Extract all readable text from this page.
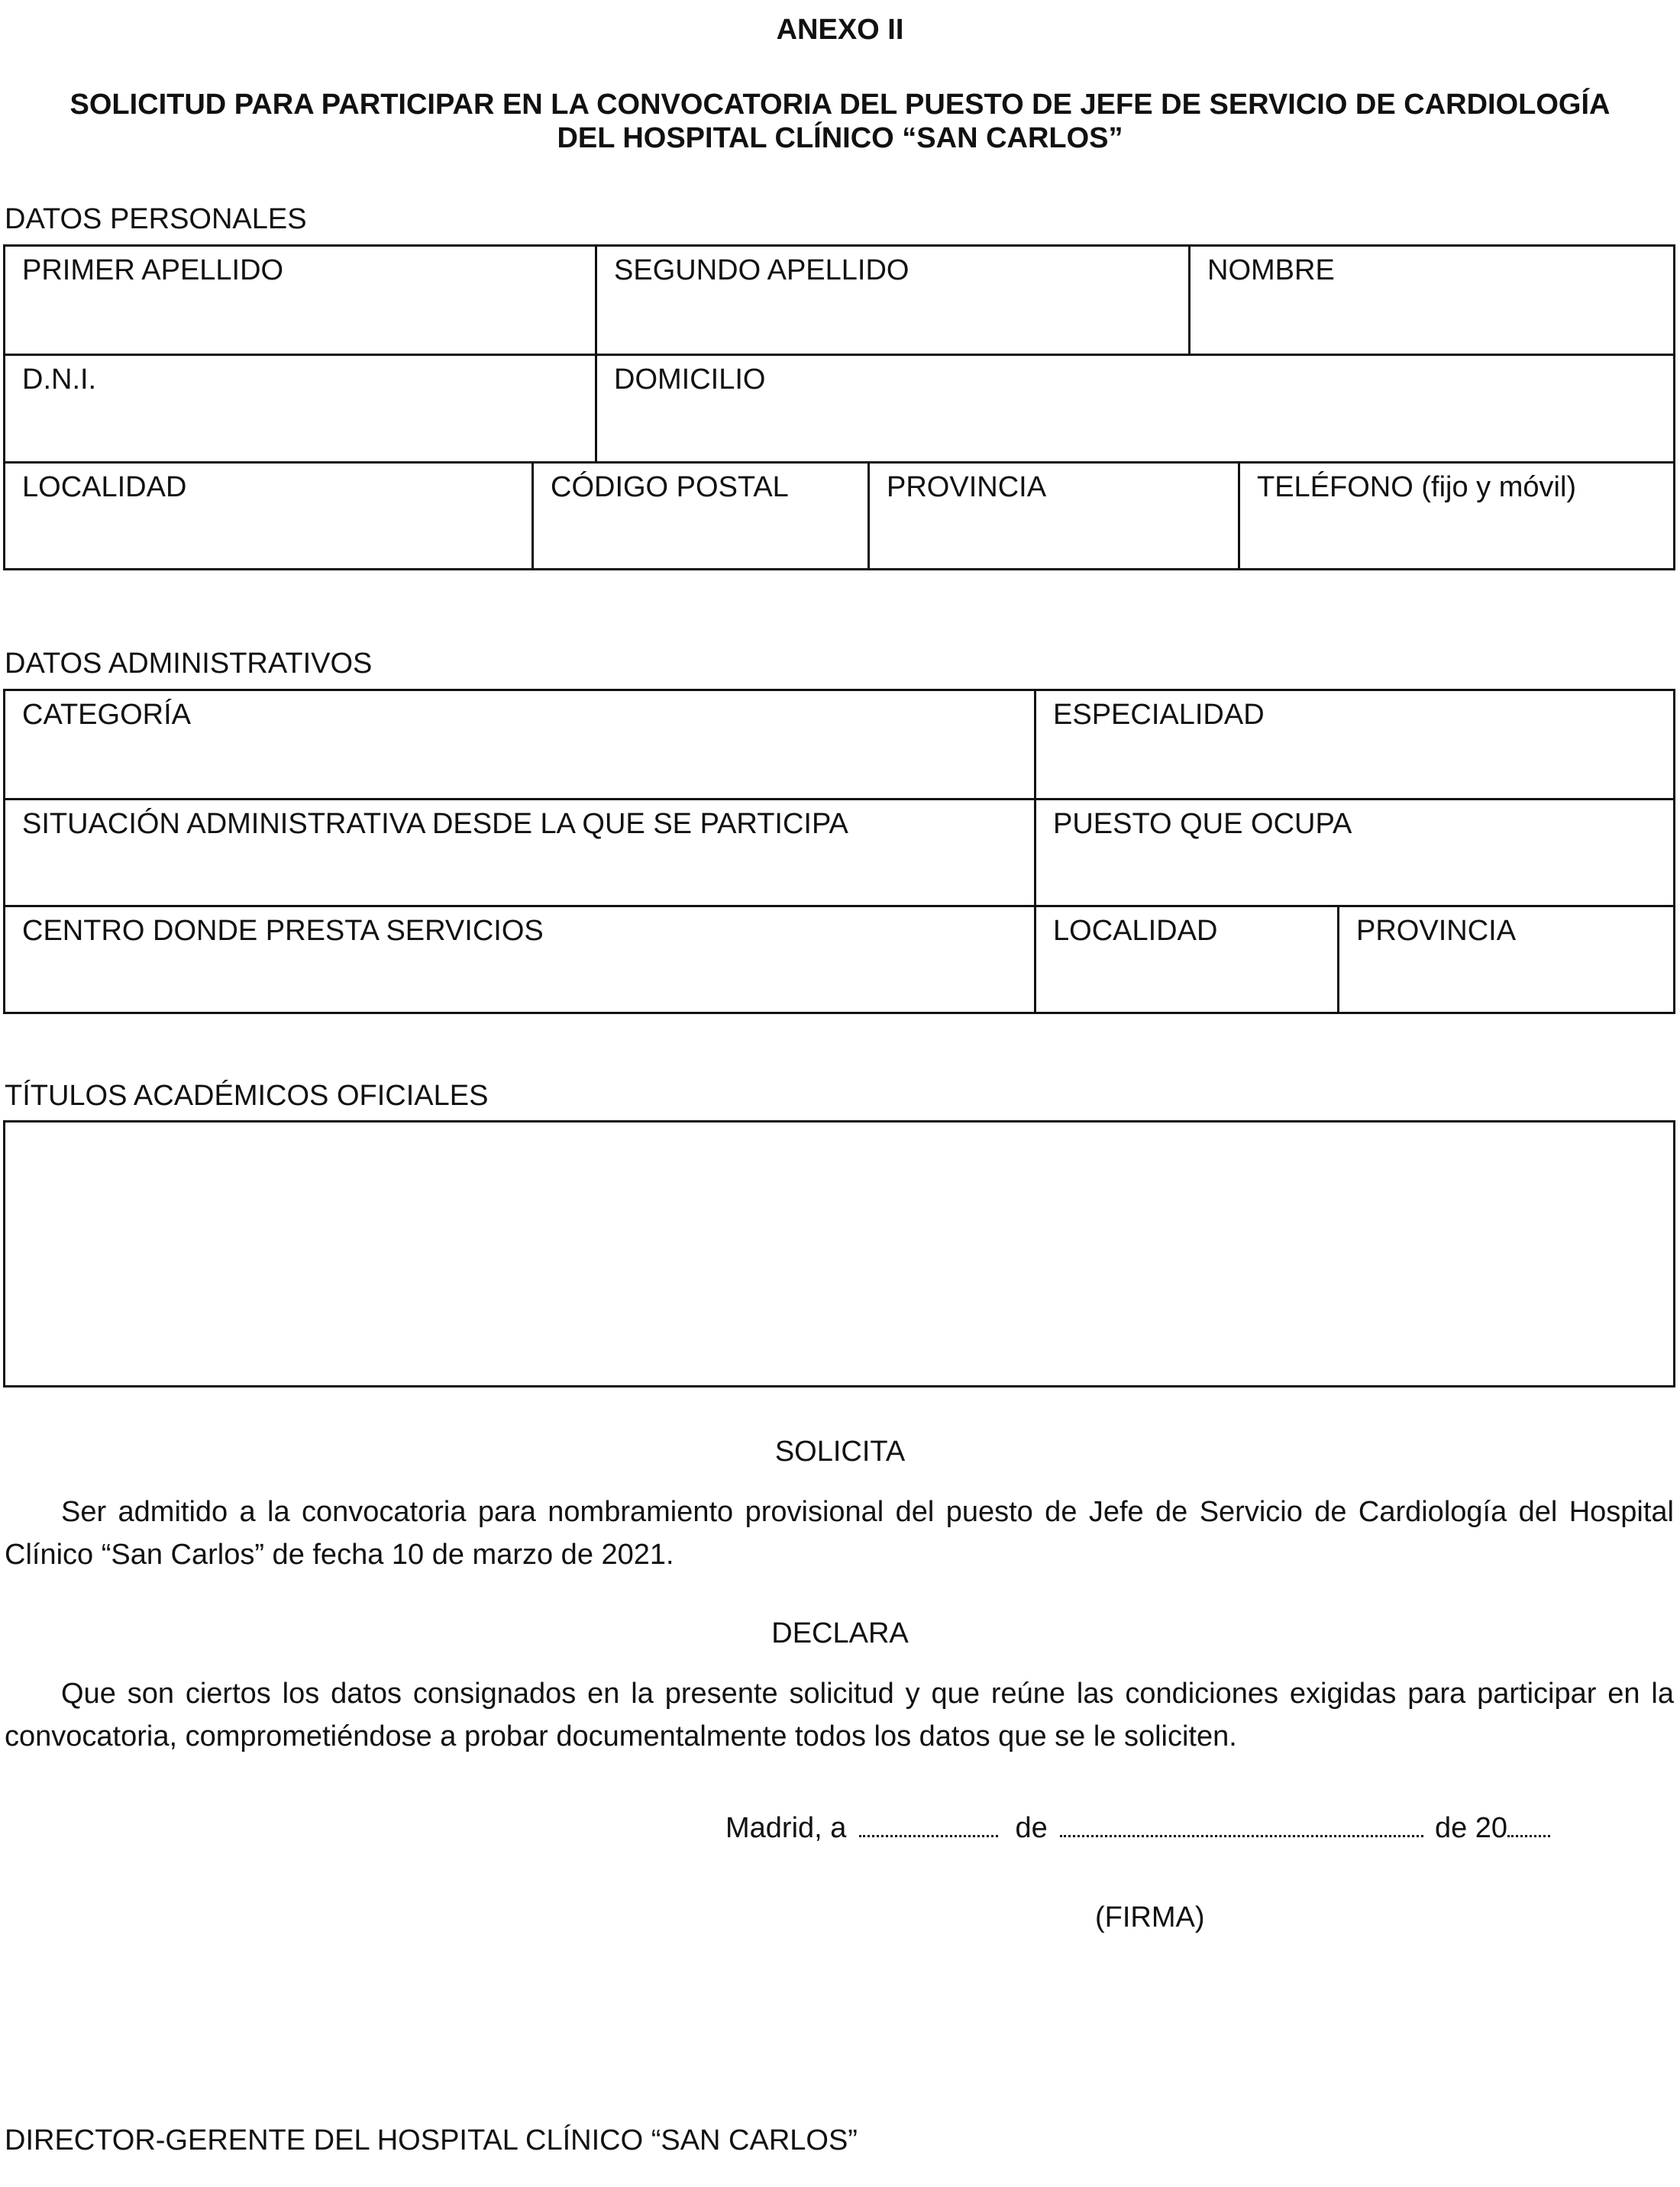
ANEXO II
SOLICITUD PARA PARTICIPAR EN LA CONVOCATORIA DEL PUESTO DE JEFE DE SERVICIO DE CARDIOLOGÍA
DEL HOSPITAL CLÍNICO “SAN CARLOS”
DATOS PERSONALES
PRIMER APELLIDO	SEGUNDO APELLIDO	NOMBRE
D.N.I.	DOMICILIO
LOCALIDAD	CÓDIGO POSTAL	PROVINCIA	TELÉFONO (fijo y móvil)
DATOS ADMINISTRATIVOS
CATEGORÍA	ESPECIALIDAD
SITUACIÓN ADMINISTRATIVA DESDE LA QUE SE PARTICIPA	PUESTO QUE OCUPA
CENTRO DONDE PRESTA SERVICIOS	LOCALIDAD	PROVINCIA
TÍTULOS ACADÉMICOS OFICIALES
SOLICITA
Ser admitido a la convocatoria para nombramiento provisional del puesto de Jefe de Servicio de Cardiología del Hospital Clínico “San Carlos” de fecha 10 de marzo de 2021.
DECLARA
Que son ciertos los datos consignados en la presente solicitud y que reúne las condiciones exigidas para participar en la convocatoria, comprometiéndose a probar documentalmente todos los datos que se le soliciten.
Madrid, a	de	de 20
(FIRMA)
DIRECTOR-GERENTE DEL HOSPITAL CLÍNICO “SAN CARLOS”
